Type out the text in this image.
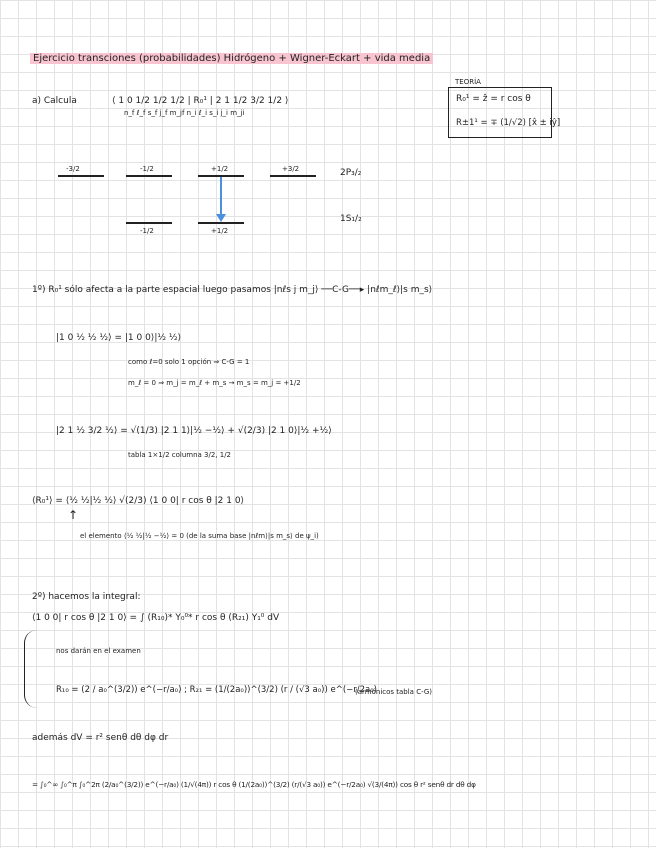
Ejercicio transciones (probabilidades) Hidrógeno + Wigner-Eckart + vida media
TEORÍA
R₀¹ = ẑ = r cos θ
R±1¹ = ∓ (1/√2) [x̂ ± iŷ]
a) Calcula	⟨ 1 0 1/2 1/2 1/2 | R₀¹ | 2 1 1/2 3/2 1/2 ⟩
n_f ℓ_f s_f j_f m_jf n_i ℓ_i s_i j_i m_ji
-3/2	-1/2	+1/2	+3/2	2P₃/₂
-1/2	+1/2
1S₁/₂
1º) R₀¹ sólo afecta a la parte espacial luego pasamos |nℓs j m_j⟩ ──C-G──▸ |nℓm_ℓ⟩|s m_s⟩
|1 0 ½ ½ ½⟩ = |1 0 0⟩|½ ½⟩
como ℓ=0 solo 1 opción ⇒ C-G = 1
m_ℓ = 0 ⇒ m_j = m_ℓ + m_s → m_s = m_j = +1/2
|2 1 ½ 3/2 ½⟩ = √(1/3) |2 1 1⟩|½ −½⟩ + √(2/3) |2 1 0⟩|½ +½⟩
tabla 1×1/2 columna 3/2, 1/2
⟨R₀¹⟩ = ⟨½ ½|½ ½⟩ √(2/3) ⟨1 0 0| r cos θ |2 1 0⟩
↑
el elemento ⟨½ ½|½ −½⟩ = 0 (de la suma base |nℓm⟩|s m_s⟩ de ψ_i)
2º) hacemos la integral:
⟨1 0 0| r cos θ |2 1 0⟩ = ∫ (R₁₀)* Y₀⁰* r cos θ (R₂₁) Y₁⁰ dV
nos darán en el examen
R₁₀ = (2 / a₀^(3/2)) e^(−r/a₀) ; R₂₁ = (1/(2a₀))^(3/2) (r / (√3 a₀)) e^(−r/2a₀)
(armónicos tabla C-G)
además dV = r² senθ dθ dφ dr
= ∫₀^∞ ∫₀^π ∫₀^2π (2/a₀^(3/2)) e^(−r/a₀) (1/√(4π)) r cos θ (1/(2a₀))^(3/2) (r/(√3 a₀)) e^(−r/2a₀) √(3/(4π)) cos θ r² senθ dr dθ dφ
